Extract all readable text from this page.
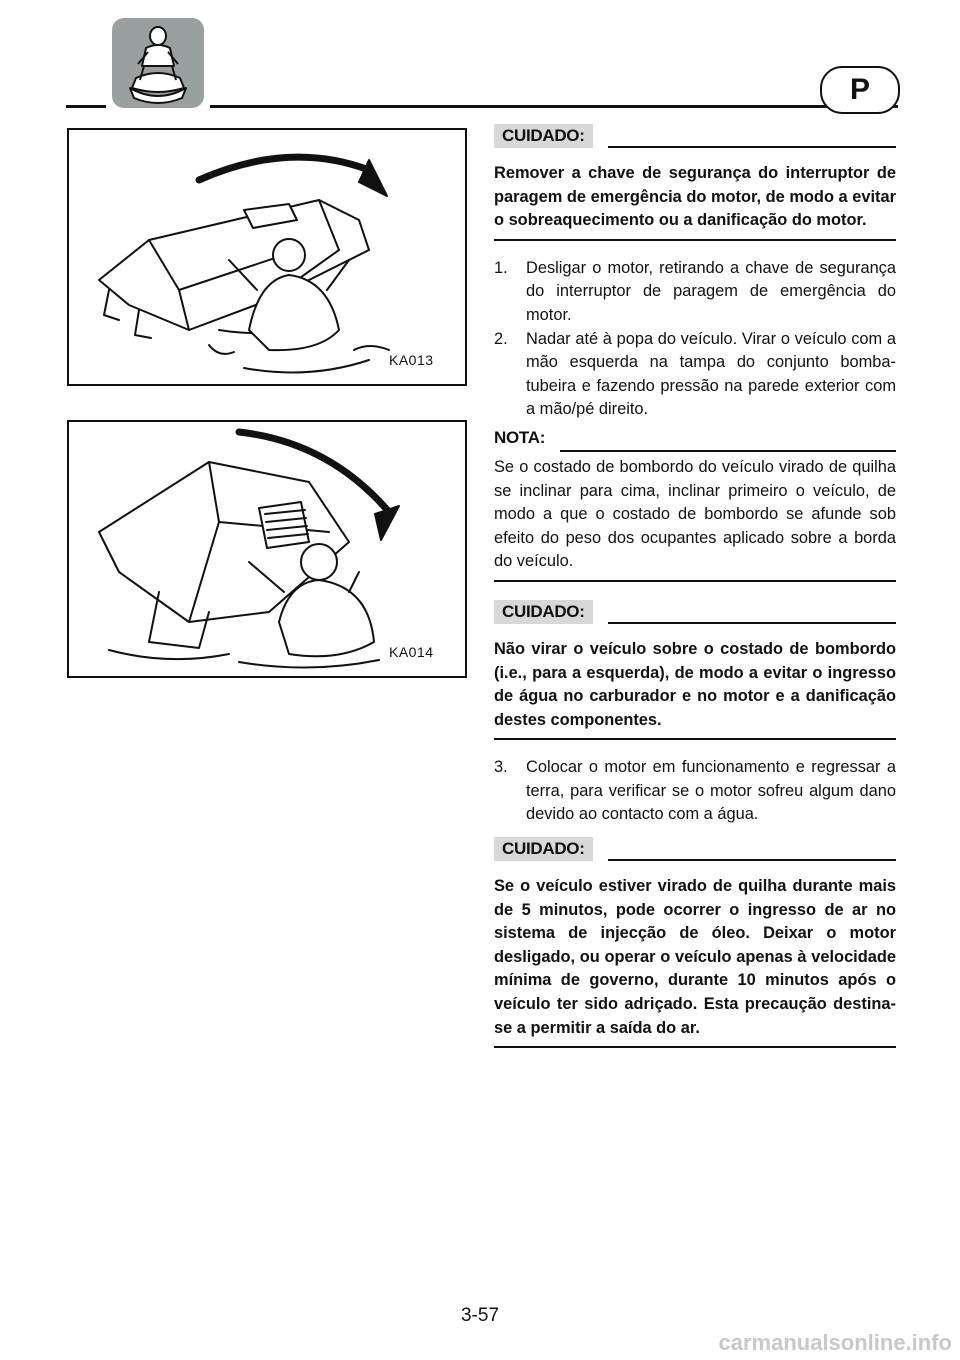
P
KA013
KA014
CUIDADO:

Remover a chave de segurança do interruptor de paragem de emergência do motor, de modo a evitar o sobreaquecimento ou a danificação do motor.

1.	Desligar o motor, retirando a chave de segurança do interruptor de paragem de emergência do motor.
2.	Nadar até à popa do veículo. Virar o veículo com a mão esquerda na tampa do conjunto bomba-tubeira e fazendo pressão na parede exterior com a mão/pé direito.
NOTA:

Se o costado de bombordo do veículo virado de quilha se inclinar para cima, inclinar primeiro o veículo, de modo a que o costado de bombordo se afunde sob efeito do peso dos ocupantes aplicado sobre a borda do veículo.

CUIDADO:

Não virar o veículo sobre o costado de bombordo (i.e., para a esquerda), de modo a evitar o ingresso de água no carburador e no motor e a danificação destes componentes.

3.	Colocar o motor em funcionamento e regressar a terra, para verificar se o motor sofreu algum dano devido ao contacto com a água.
CUIDADO:

Se o veículo estiver virado de quilha durante mais de 5 minutos, pode ocorrer o ingresso de ar no sistema de injecção de óleo. Deixar o motor desligado, ou operar o veículo apenas à velocidade mínima de governo, durante 10 minutos após o veículo ter sido adriçado. Esta precaução destina-se a permitir a saída do ar.

3-57
carmanualsonline.info
